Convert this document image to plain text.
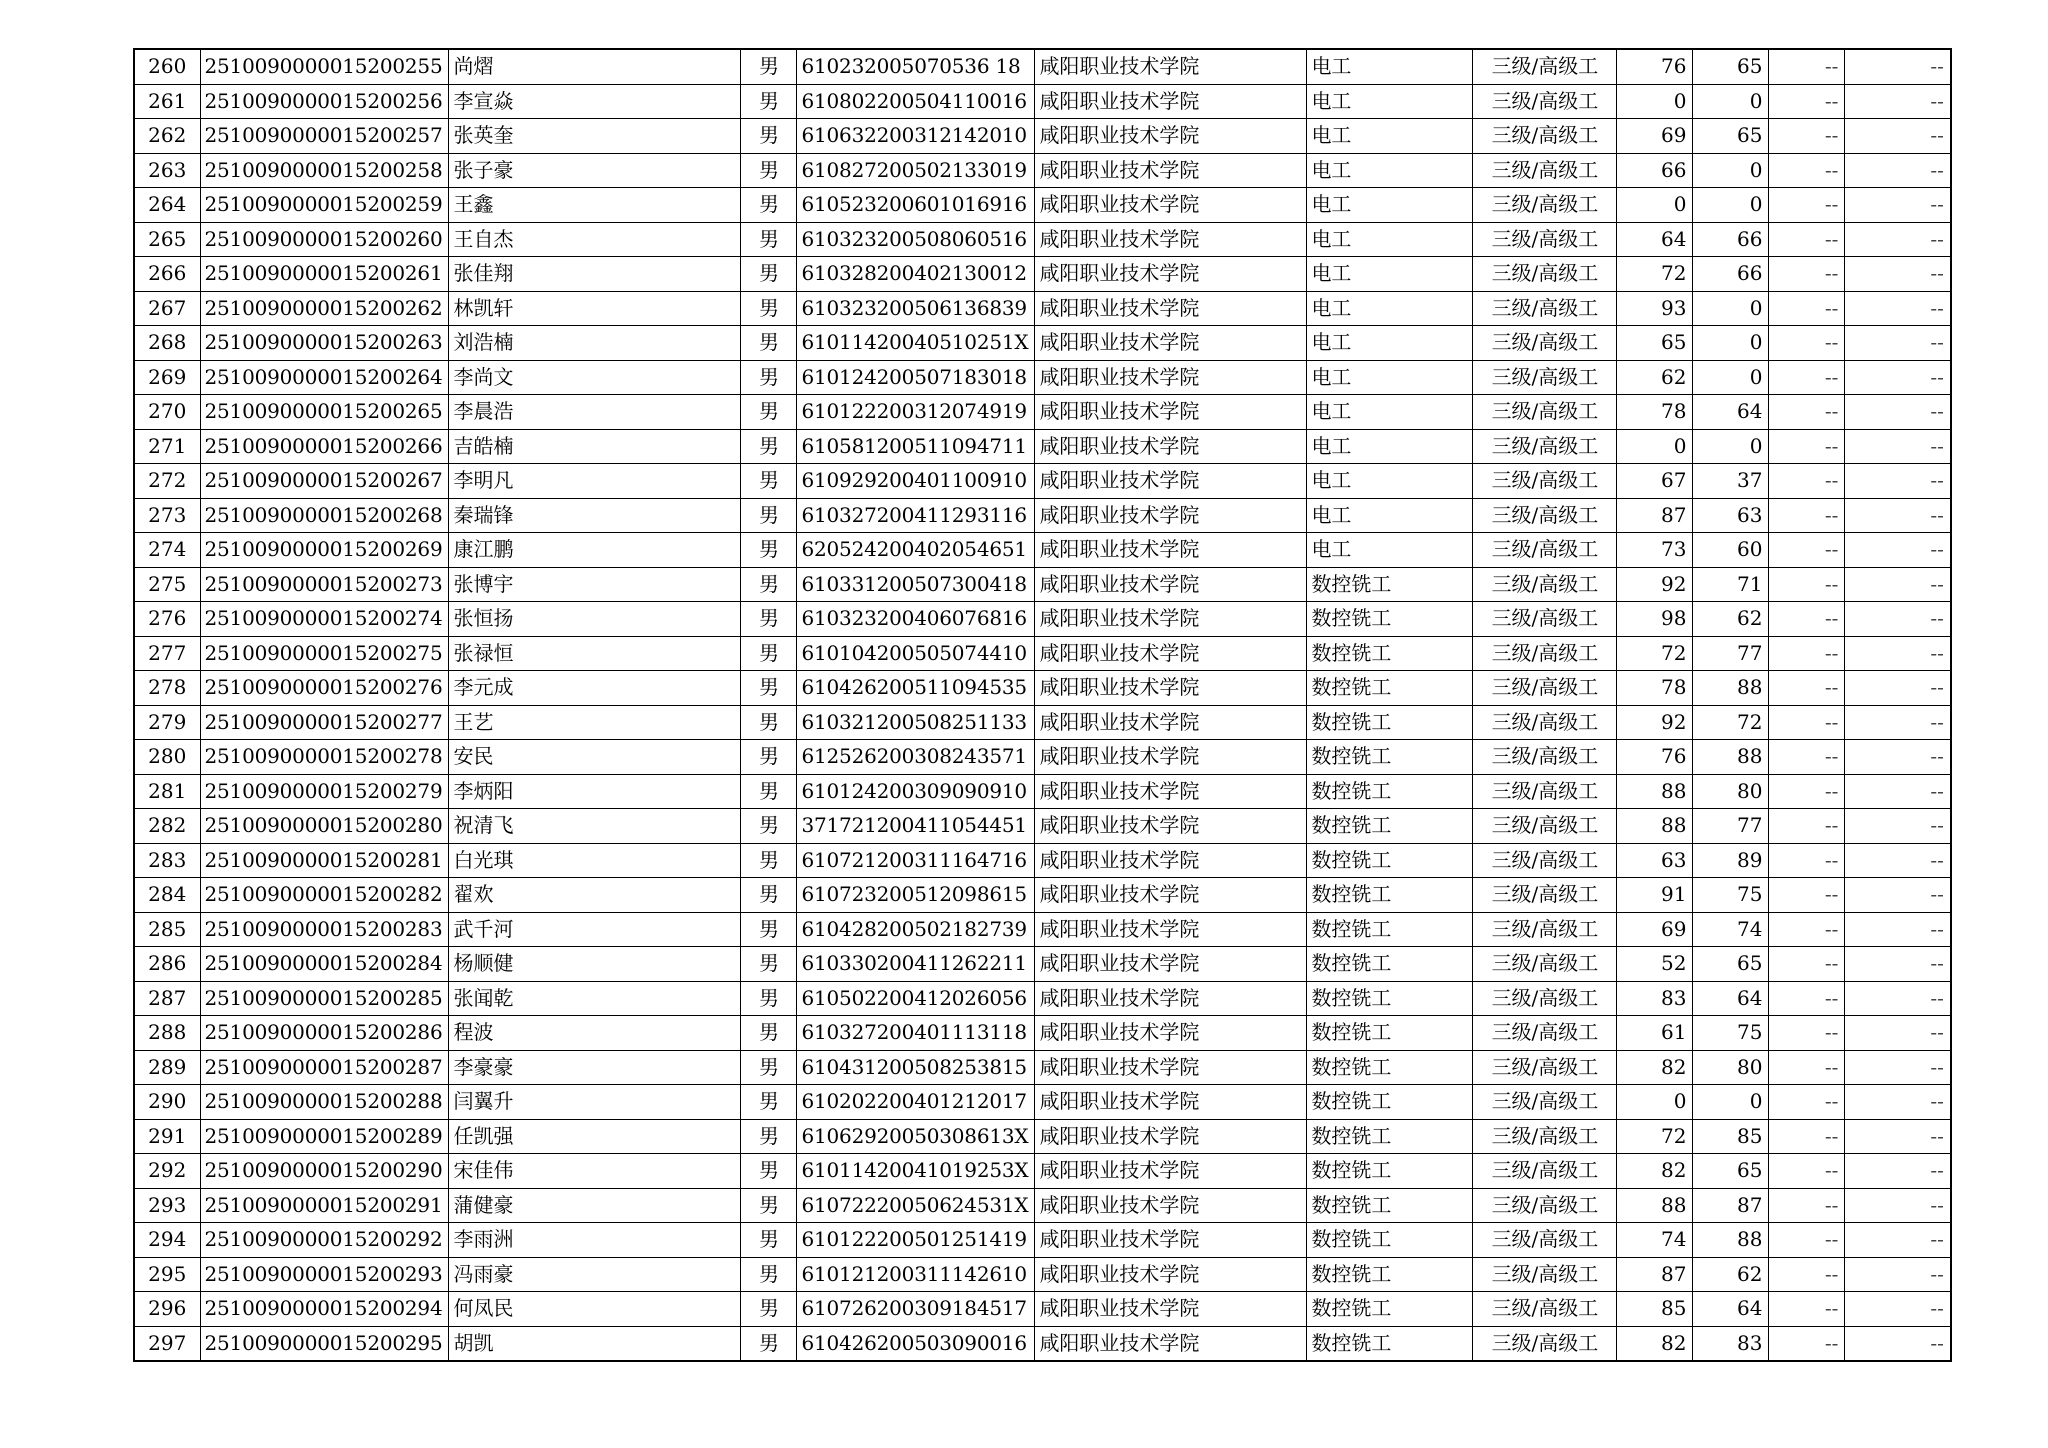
260	2510090000015200255	尚熠	男	610232005070536 18	咸阳职业技术学院	电工	三级/高级工	76	65	--	--
261	2510090000015200256	李宣焱	男	610802200504110016	咸阳职业技术学院	电工	三级/高级工	0	0	--	--
262	2510090000015200257	张英奎	男	610632200312142010	咸阳职业技术学院	电工	三级/高级工	69	65	--	--
263	2510090000015200258	张子豪	男	610827200502133019	咸阳职业技术学院	电工	三级/高级工	66	0	--	--
264	2510090000015200259	王鑫	男	610523200601016916	咸阳职业技术学院	电工	三级/高级工	0	0	--	--
265	2510090000015200260	王自杰	男	610323200508060516	咸阳职业技术学院	电工	三级/高级工	64	66	--	--
266	2510090000015200261	张佳翔	男	610328200402130012	咸阳职业技术学院	电工	三级/高级工	72	66	--	--
267	2510090000015200262	林凯轩	男	610323200506136839	咸阳职业技术学院	电工	三级/高级工	93	0	--	--
268	2510090000015200263	刘浩楠	男	61011420040510251X	咸阳职业技术学院	电工	三级/高级工	65	0	--	--
269	2510090000015200264	李尚文	男	610124200507183018	咸阳职业技术学院	电工	三级/高级工	62	0	--	--
270	2510090000015200265	李晨浩	男	610122200312074919	咸阳职业技术学院	电工	三级/高级工	78	64	--	--
271	2510090000015200266	吉皓楠	男	610581200511094711	咸阳职业技术学院	电工	三级/高级工	0	0	--	--
272	2510090000015200267	李明凡	男	610929200401100910	咸阳职业技术学院	电工	三级/高级工	67	37	--	--
273	2510090000015200268	秦瑞锋	男	610327200411293116	咸阳职业技术学院	电工	三级/高级工	87	63	--	--
274	2510090000015200269	康江鹏	男	620524200402054651	咸阳职业技术学院	电工	三级/高级工	73	60	--	--
275	2510090000015200273	张博宇	男	610331200507300418	咸阳职业技术学院	数控铣工	三级/高级工	92	71	--	--
276	2510090000015200274	张恒扬	男	610323200406076816	咸阳职业技术学院	数控铣工	三级/高级工	98	62	--	--
277	2510090000015200275	张禄恒	男	610104200505074410	咸阳职业技术学院	数控铣工	三级/高级工	72	77	--	--
278	2510090000015200276	李元成	男	610426200511094535	咸阳职业技术学院	数控铣工	三级/高级工	78	88	--	--
279	2510090000015200277	王艺	男	610321200508251133	咸阳职业技术学院	数控铣工	三级/高级工	92	72	--	--
280	2510090000015200278	安民	男	612526200308243571	咸阳职业技术学院	数控铣工	三级/高级工	76	88	--	--
281	2510090000015200279	李炳阳	男	610124200309090910	咸阳职业技术学院	数控铣工	三级/高级工	88	80	--	--
282	2510090000015200280	祝清飞	男	371721200411054451	咸阳职业技术学院	数控铣工	三级/高级工	88	77	--	--
283	2510090000015200281	白光琪	男	610721200311164716	咸阳职业技术学院	数控铣工	三级/高级工	63	89	--	--
284	2510090000015200282	翟欢	男	610723200512098615	咸阳职业技术学院	数控铣工	三级/高级工	91	75	--	--
285	2510090000015200283	武千河	男	610428200502182739	咸阳职业技术学院	数控铣工	三级/高级工	69	74	--	--
286	2510090000015200284	杨顺健	男	610330200411262211	咸阳职业技术学院	数控铣工	三级/高级工	52	65	--	--
287	2510090000015200285	张闻乾	男	610502200412026056	咸阳职业技术学院	数控铣工	三级/高级工	83	64	--	--
288	2510090000015200286	程波	男	610327200401113118	咸阳职业技术学院	数控铣工	三级/高级工	61	75	--	--
289	2510090000015200287	李豪豪	男	610431200508253815	咸阳职业技术学院	数控铣工	三级/高级工	82	80	--	--
290	2510090000015200288	闫翼升	男	610202200401212017	咸阳职业技术学院	数控铣工	三级/高级工	0	0	--	--
291	2510090000015200289	任凯强	男	61062920050308613X	咸阳职业技术学院	数控铣工	三级/高级工	72	85	--	--
292	2510090000015200290	宋佳伟	男	61011420041019253X	咸阳职业技术学院	数控铣工	三级/高级工	82	65	--	--
293	2510090000015200291	蒲健豪	男	61072220050624531X	咸阳职业技术学院	数控铣工	三级/高级工	88	87	--	--
294	2510090000015200292	李雨洲	男	610122200501251419	咸阳职业技术学院	数控铣工	三级/高级工	74	88	--	--
295	2510090000015200293	冯雨豪	男	610121200311142610	咸阳职业技术学院	数控铣工	三级/高级工	87	62	--	--
296	2510090000015200294	何凤民	男	610726200309184517	咸阳职业技术学院	数控铣工	三级/高级工	85	64	--	--
297	2510090000015200295	胡凯	男	610426200503090016	咸阳职业技术学院	数控铣工	三级/高级工	82	83	--	--
